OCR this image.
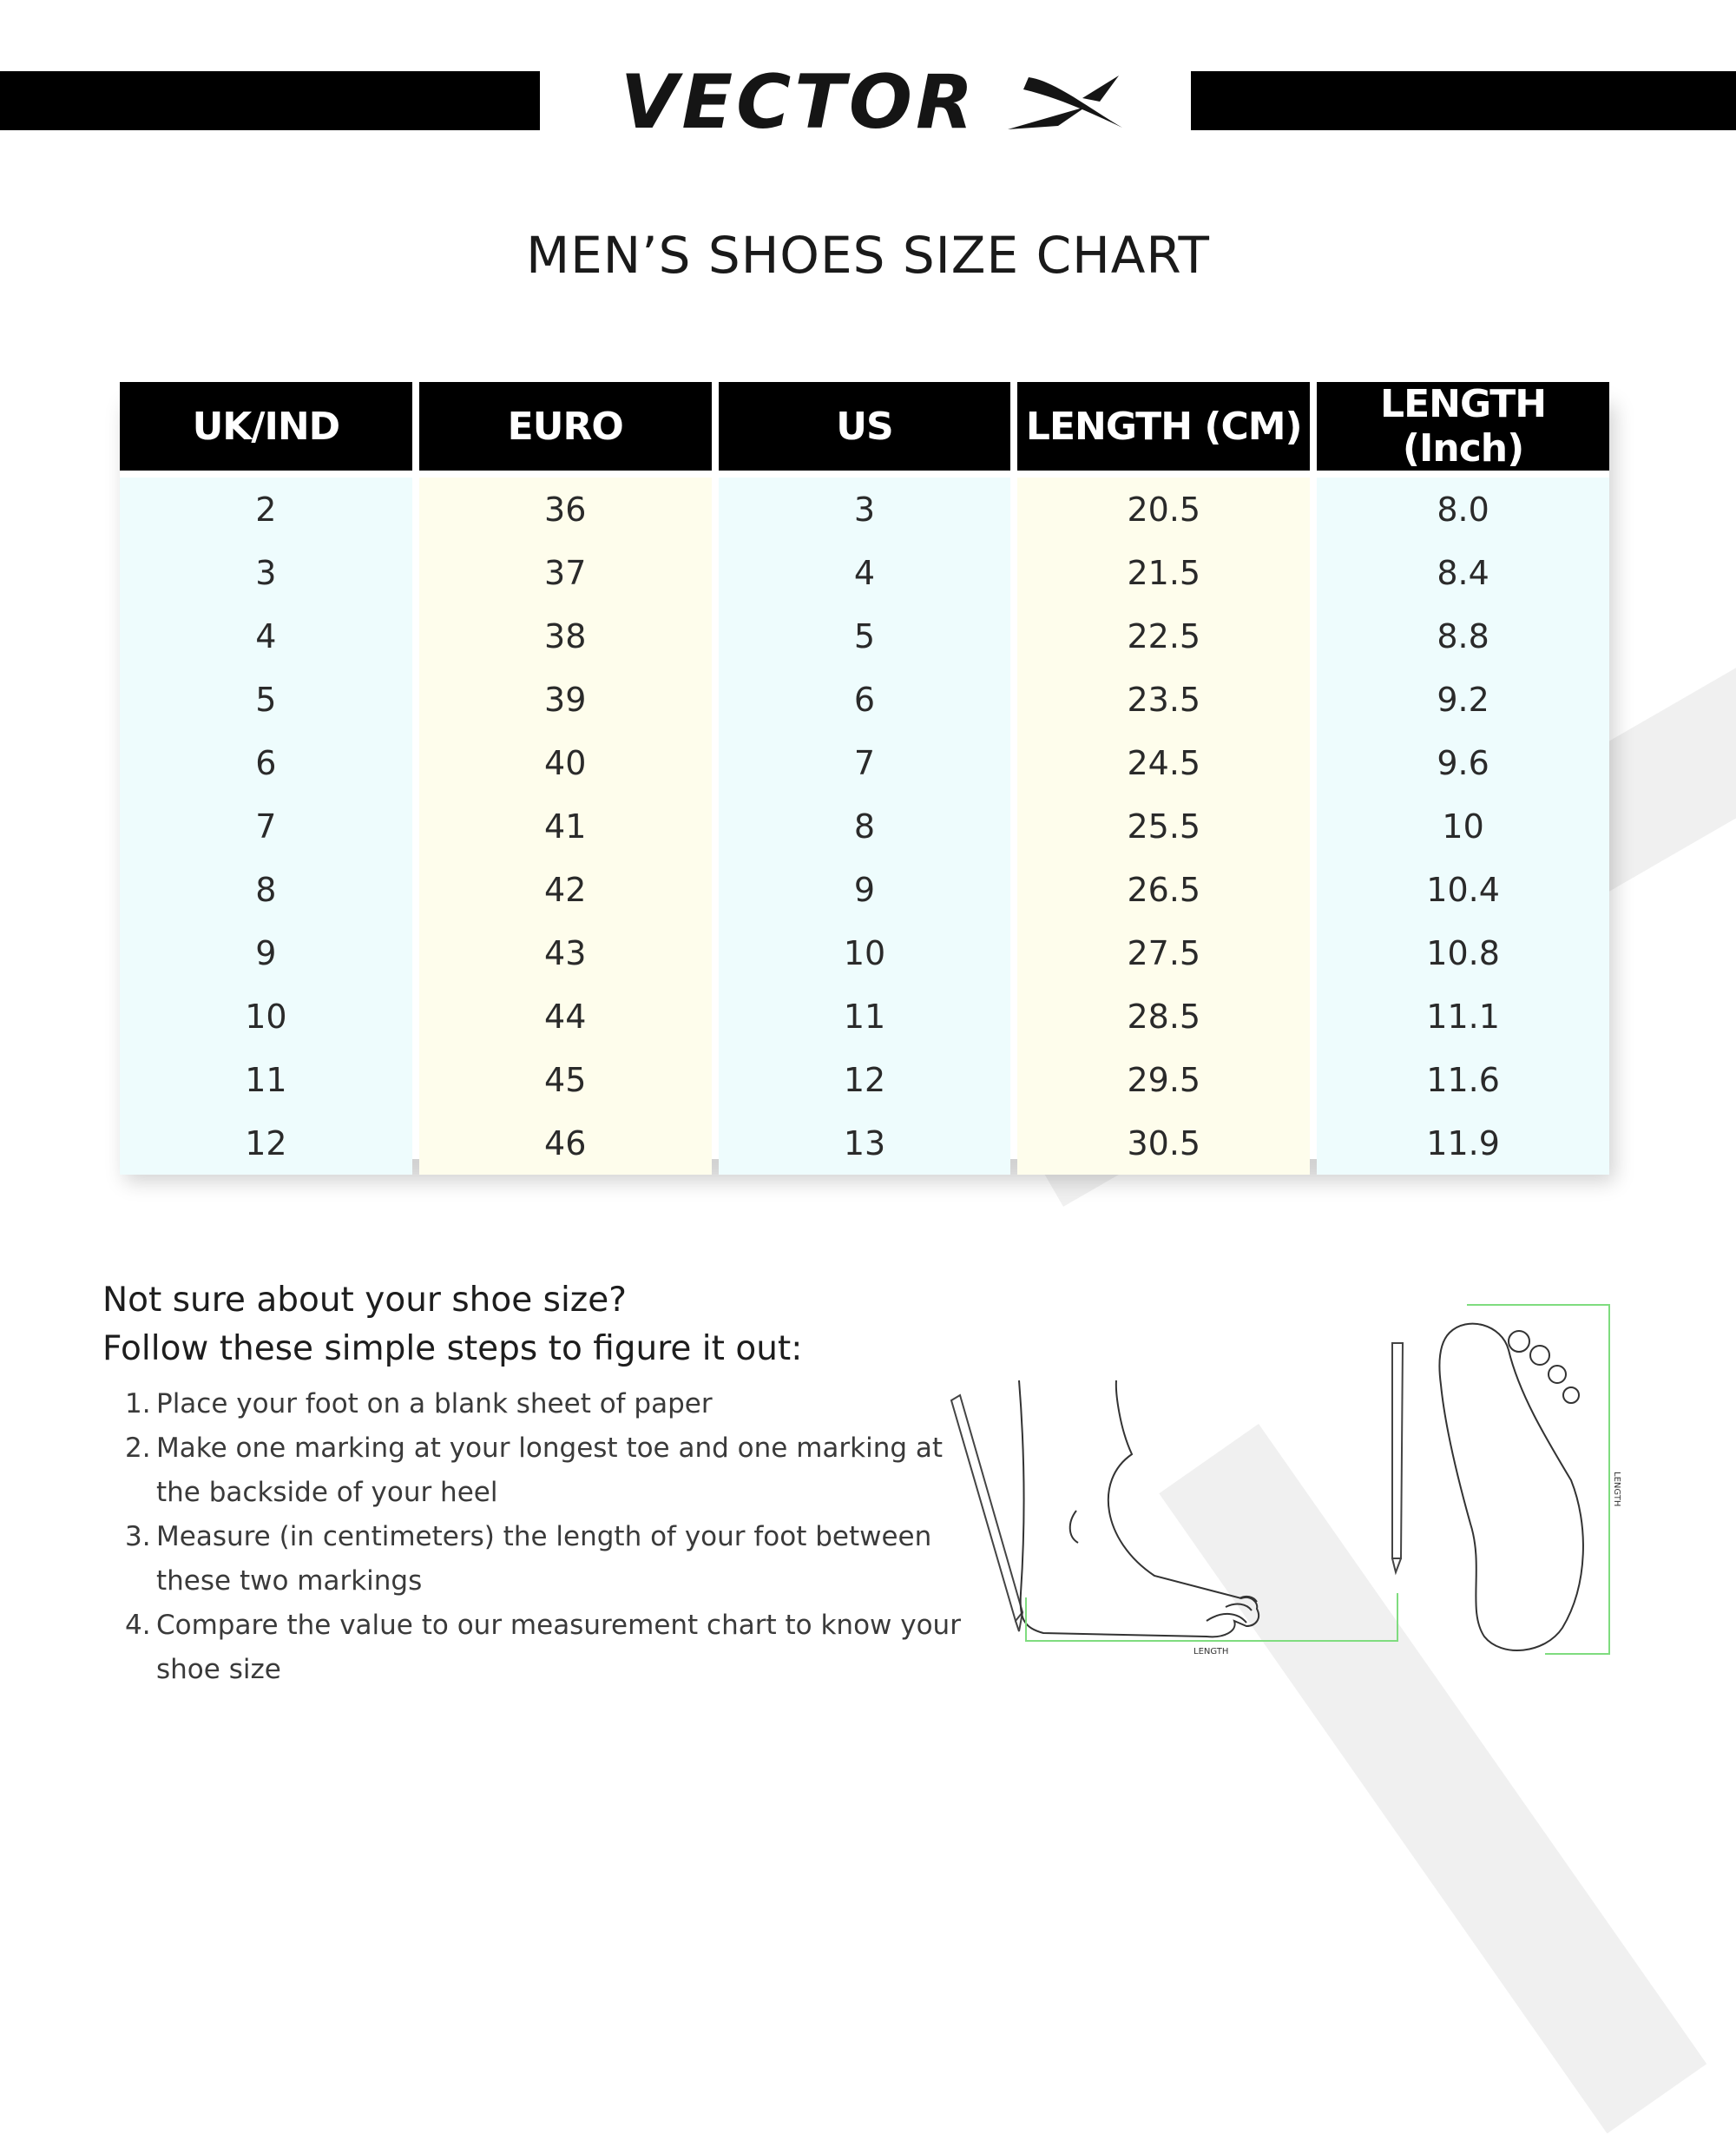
VECTOR
MEN’S SHOES SIZE CHART
UK/IND	EURO	US	LENGTH (CM)	LENGTH (Inch)
2	36	3	20.5	8.0
3	37	4	21.5	8.4
4	38	5	22.5	8.8
5	39	6	23.5	9.2
6	40	7	24.5	9.6
7	41	8	25.5	10
8	42	9	26.5	10.4
9	43	10	27.5	10.8
10	44	11	28.5	11.1
11	45	12	29.5	11.6
12	46	13	30.5	11.9

Not sure about your shoe size?

Follow these simple steps to figure it out:

1. Place your foot on a blank sheet of paper
2. Make one marking at your longest toe and one marking at the backside of your heel
3. Measure (in centimeters) the length of your foot between these two markings
4. Compare the value to our measurement chart to know your shoe size
LENGTH
LENGTH
